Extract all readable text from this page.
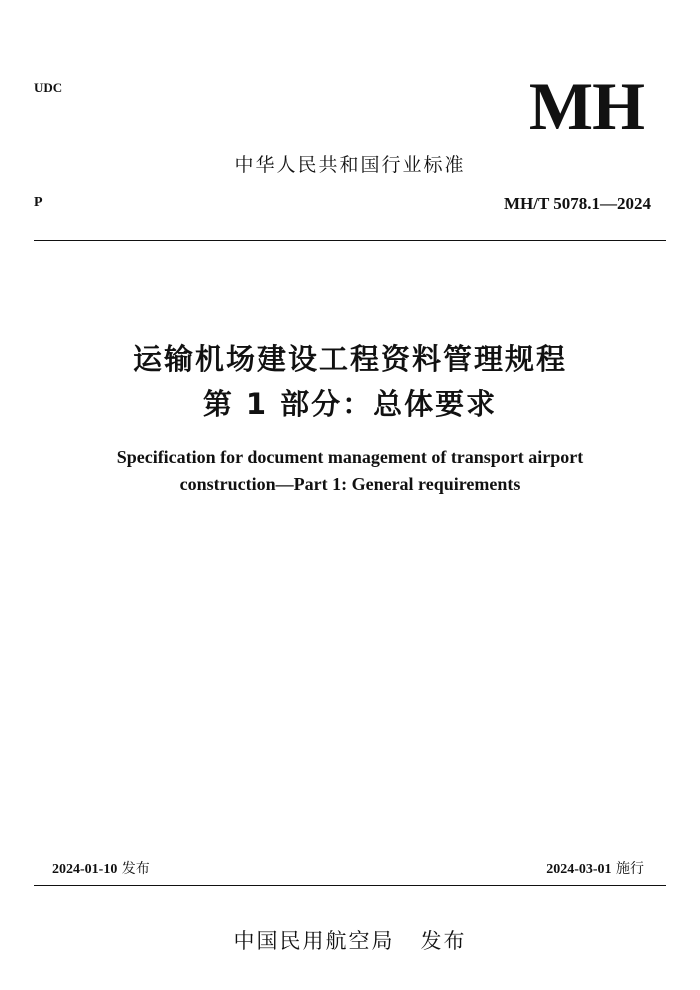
UDC	MH
中华人民共和国行业标准
P	MH/T 5078.1—2024
运输机场建设工程资料管理规程
第 1 部分：总体要求
Specification for document management of transport airport
construction—Part 1: General requirements
2024-01-10 发布	2024-03-01 施行
中国民用航空局 发布
